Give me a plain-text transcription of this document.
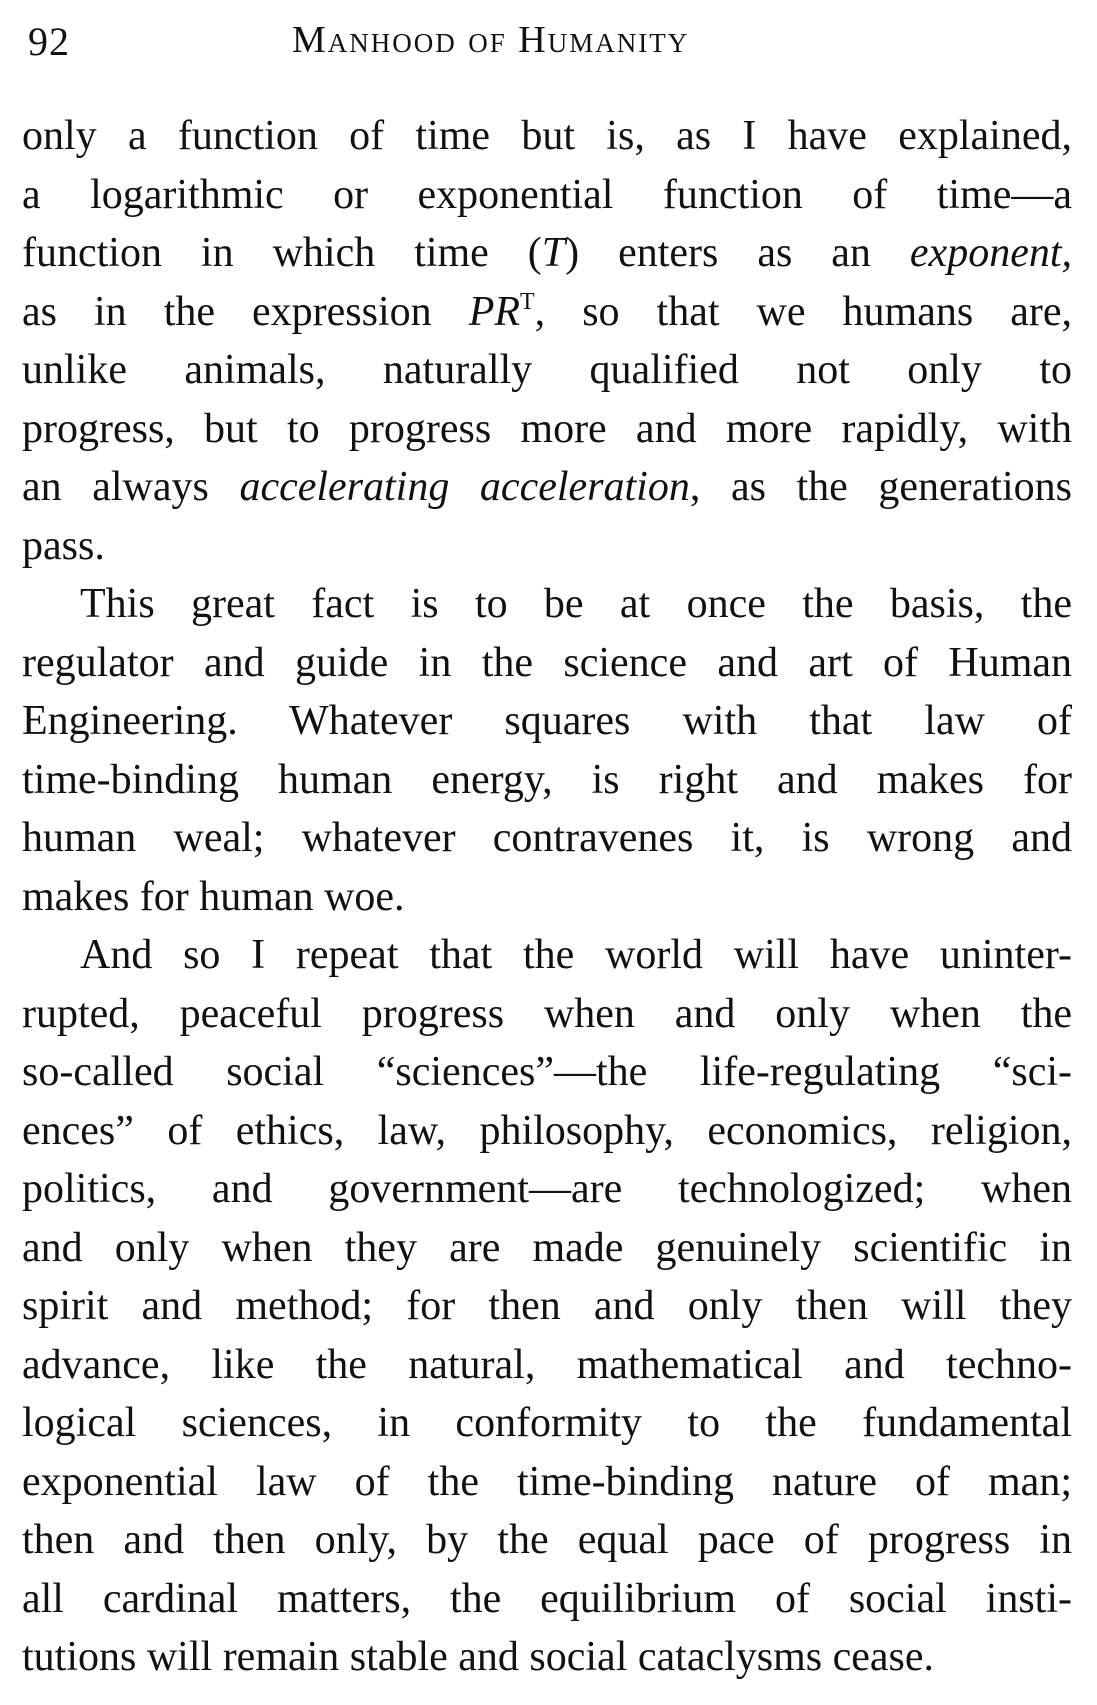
92	Manhood of Humanity
only a function of time but is, as I have explained,
a logarithmic or exponential function of time—a
function in which time (T) enters as an exponent,
as in the expression $PR^T$, so that we humans are,
unlike animals, naturally qualified not only to
progress, but to progress more and more rapidly, with
an always accelerating acceleration, as the generations
pass.
This great fact is to be at once the basis, the
regulator and guide in the science and art of Human
Engineering. Whatever squares with that law of
time-binding human energy, is right and makes for
human weal; whatever contravenes it, is wrong and
makes for human woe.
And so I repeat that the world will have uninter-
rupted, peaceful progress when and only when the
so-called social “sciences”—the life-regulating “sci-
ences” of ethics, law, philosophy, economics, religion,
politics, and government—are technologized; when
and only when they are made genuinely scientific in
spirit and method; for then and only then will they
advance, like the natural, mathematical and techno-
logical sciences, in conformity to the fundamental
exponential law of the time-binding nature of man;
then and then only, by the equal pace of progress in
all cardinal matters, the equilibrium of social insti-
tutions will remain stable and social cataclysms cease.
